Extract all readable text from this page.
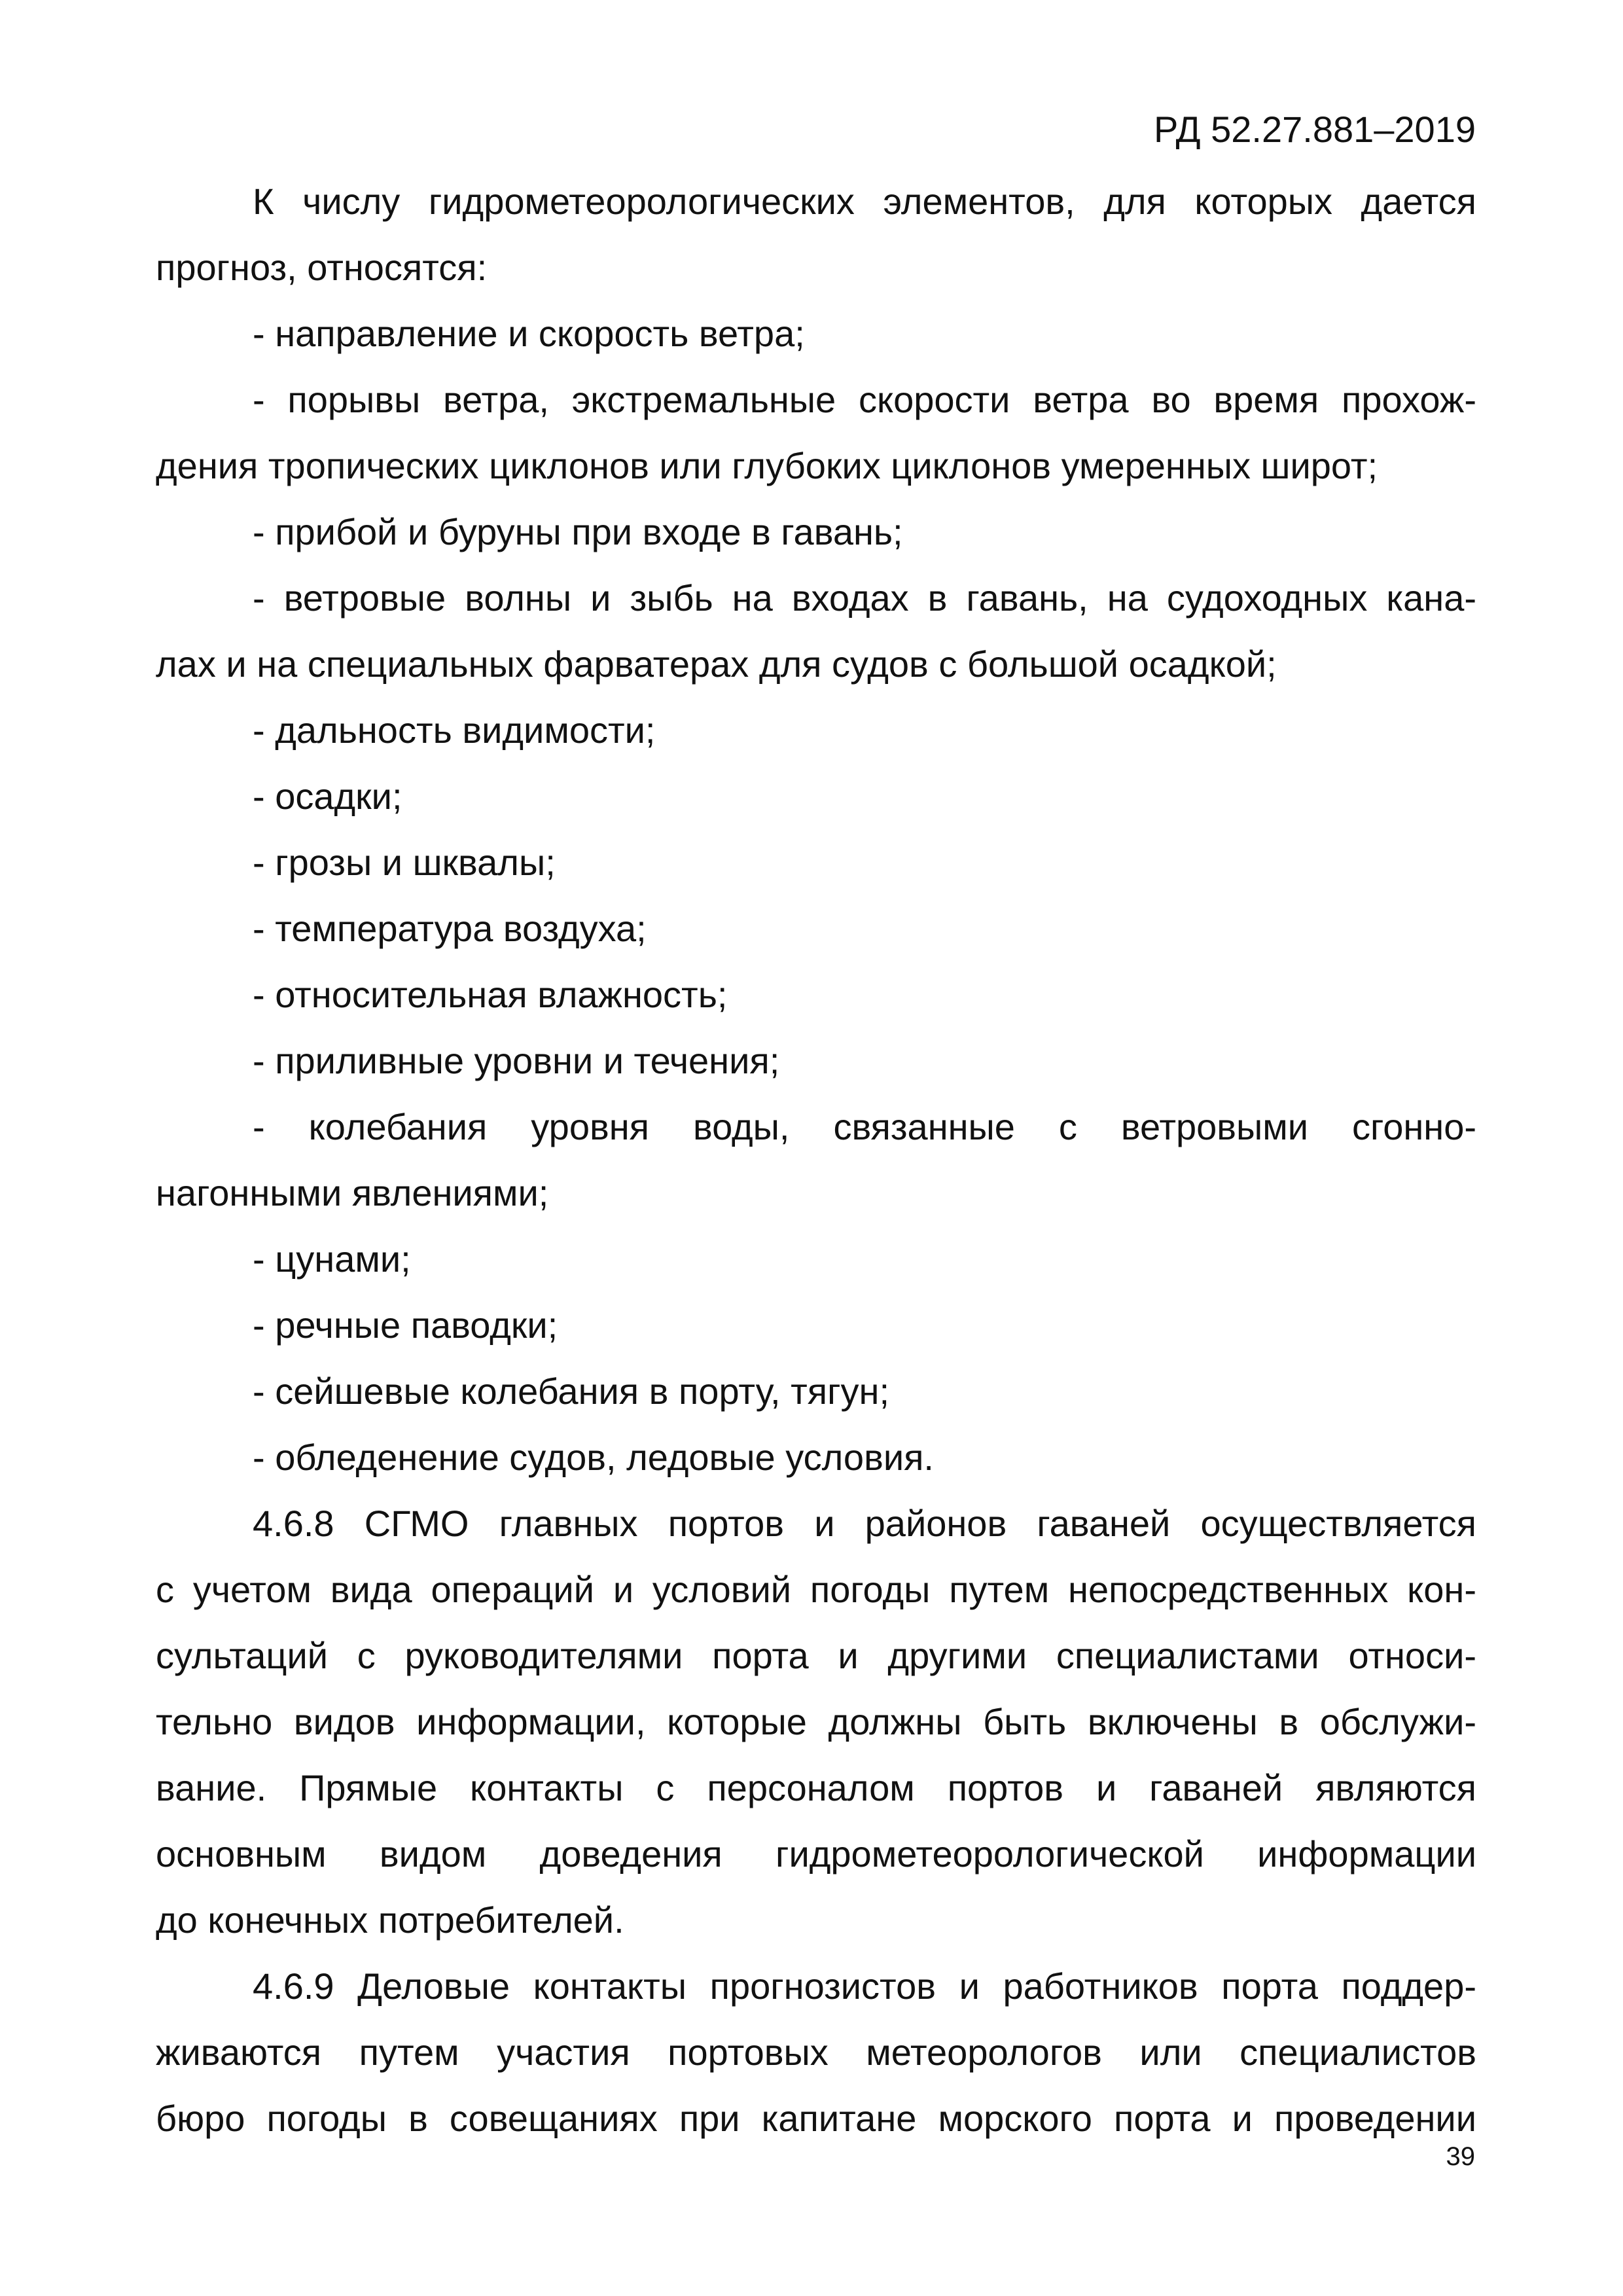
РД 52.27.881–2019
К числу гидрометеорологических элементов, для которых дается
прогноз, относятся:
- направление и скорость ветра;
- порывы ветра, экстремальные скорости ветра во время прохож-
дения тропических циклонов или глубоких циклонов умеренных широт;
- прибой и буруны при входе в гавань;
- ветровые волны и зыбь на входах в гавань, на судоходных кана-
лах и на специальных фарватерах для судов с большой осадкой;
- дальность видимости;
- осадки;
- грозы и шквалы;
- температура воздуха;
- относительная влажность;
- приливные уровни и течения;
- колебания уровня воды, связанные с ветровыми сгонно-
нагонными явлениями;
- цунами;
- речные паводки;
- сейшевые колебания в порту, тягун;
- обледенение судов, ледовые условия.
4.6.8 СГМО главных портов и районов гаваней осуществляется
с учетом вида операций и условий погоды путем непосредственных кон-
сультаций с руководителями порта и другими специалистами относи-
тельно видов информации, которые должны быть включены в обслужи-
вание. Прямые контакты с персоналом портов и гаваней являются
основным видом доведения гидрометеорологической информации
до конечных потребителей.
4.6.9 Деловые контакты прогнозистов и работников порта поддер-
живаются путем участия портовых метеорологов или специалистов
бюро погоды в совещаниях при капитане морского порта и проведении
39
